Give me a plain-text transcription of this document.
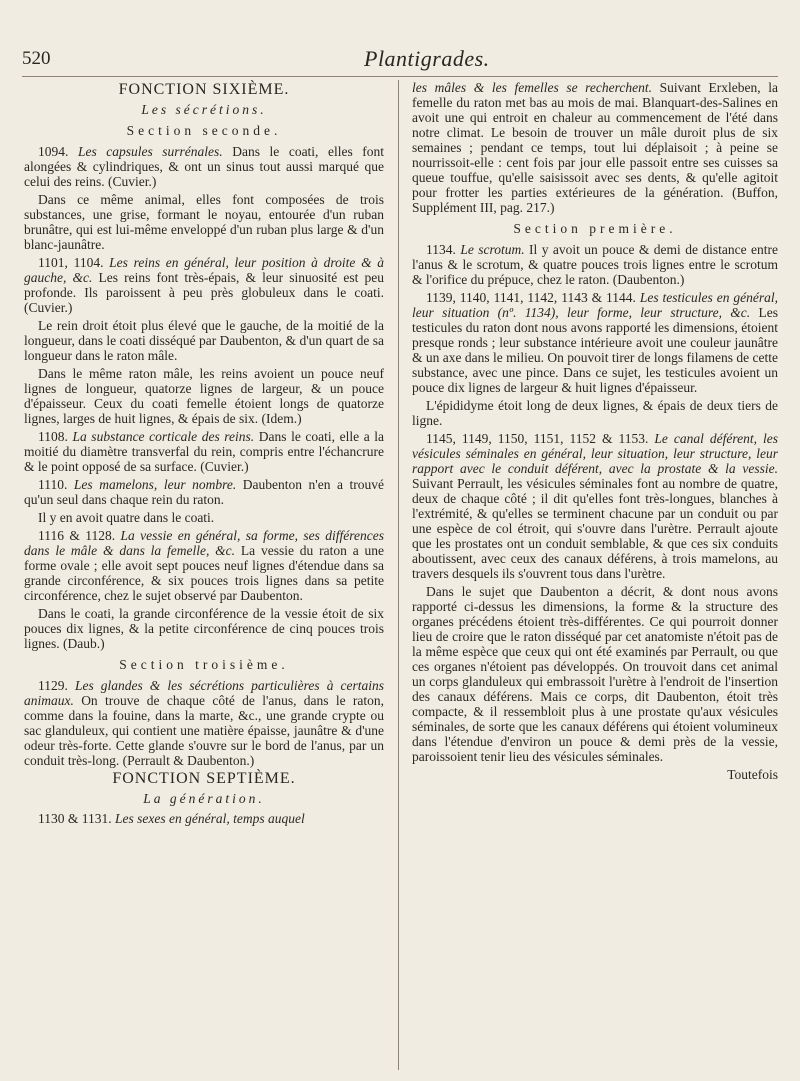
520	Plantigrades.

FONCTION SIXIÈME.

Les sécrétions.

Section seconde.

1094. Les capsules surrénales. Dans le coati, elles font alongées & cylindriques, & ont un sinus tout aussi marqué que celui des reins. (Cuvier.)

Dans ce même animal, elles font composées de trois substances, une grise, formant le noyau, entourée d'un ruban brunâtre, qui est lui-même enveloppé d'un ruban plus large & d'un blanc-jaunâtre.

1101, 1104. Les reins en général, leur position à droite & à gauche, &c. Les reins font très-épais, & leur sinuosité est peu profonde. Ils paroissent à peu près globuleux dans le coati. (Cuvier.)

Le rein droit étoit plus élevé que le gauche, de la moitié de la longueur, dans le coati disséqué par Daubenton, & d'un quart de sa longueur dans le raton mâle.

Dans le même raton mâle, les reins avoient un pouce neuf lignes de longueur, quatorze lignes de largeur, & un pouce d'épaisseur. Ceux du coati femelle étoient longs de quatorze lignes, larges de huit lignes, & épais de six. (Idem.)

1108. La substance corticale des reins. Dans le coati, elle a la moitié du diamètre transverfal du rein, compris entre l'échancrure & le point opposé de sa surface. (Cuvier.)

1110. Les mamelons, leur nombre. Daubenton n'en a trouvé qu'un seul dans chaque rein du raton.

Il y en avoit quatre dans le coati.

1116 & 1128. La vessie en général, sa forme, ses différences dans le mâle & dans la femelle, &c. La vessie du raton a une forme ovale ; elle avoit sept pouces neuf lignes d'étendue dans sa grande circonférence, & six pouces trois lignes dans sa petite circonférence, chez le sujet observé par Daubenton.

Dans le coati, la grande circonférence de la vessie étoit de six pouces dix lignes, & la petite circonférence de cinq pouces trois lignes. (Daub.)

Section troisième.

1129. Les glandes & les sécrétions particulières à certains animaux. On trouve de chaque côté de l'anus, dans le raton, comme dans la fouine, dans la marte, &c., une grande crypte ou sac glanduleux, qui contient une matière épaisse, jaunâtre & d'une odeur très-forte. Cette glande s'ouvre sur le bord de l'anus, par un conduit très-long. (Perrault & Daubenton.)

FONCTION SEPTIÈME.

La génération.

1130 & 1131. Les sexes en général, temps auquel

les mâles & les femelles se recherchent. Suivant Erxleben, la femelle du raton met bas au mois de mai. Blanquart-des-Salines en avoit une qui entroit en chaleur au commencement de l'été dans notre climat. Le besoin de trouver un mâle duroit plus de six semaines ; pendant ce temps, tout lui déplaisoit ; à peine se nourrissoit-elle : cent fois par jour elle passoit entre ses cuisses sa queue touffue, qu'elle saisissoit avec ses dents, & qu'elle agitoit pour frotter les parties extérieures de la génération. (Buffon, Supplément III, pag. 217.)

Section première.

1134. Le scrotum. Il y avoit un pouce & demi de distance entre l'anus & le scrotum, & quatre pouces trois lignes entre le scrotum & l'orifice du prépuce, chez le raton. (Daubenton.)

1139, 1140, 1141, 1142, 1143 & 1144. Les testicules en général, leur situation (nº. 1134), leur forme, leur structure, &c. Les testicules du raton dont nous avons rapporté les dimensions, étoient presque ronds ; leur substance intérieure avoit une couleur jaunâtre & un axe dans le milieu. On pouvoit tirer de longs filamens de cette substance, avec une pince. Dans ce sujet, les testicules avoient un pouce dix lignes de largeur & huit lignes d'épaisseur.

L'épididyme étoit long de deux lignes, & épais de deux tiers de ligne.

1145, 1149, 1150, 1151, 1152 & 1153. Le canal déférent, les vésicules séminales en général, leur situation, leur structure, leur rapport avec le conduit déférent, avec la prostate & la vessie. Suivant Perrault, les vésicules séminales font au nombre de quatre, deux de chaque côté ; il dit qu'elles font très-longues, blanches à l'extrémité, & qu'elles se terminent chacune par un conduit ou par une espèce de col étroit, qui s'ouvre dans l'urètre. Perrault ajoute que les prostates ont un conduit semblable, & que ces six conduits aboutissent, avec ceux des canaux déférens, à trois mamelons, au travers desquels ils s'ouvrent tous dans l'urètre.

Dans le sujet que Daubenton a décrit, & dont nous avons rapporté ci-dessus les dimensions, la forme & la structure des organes précédens étoient très-différentes. Ce qui pourroit donner lieu de croire que le raton disséqué par cet anatomiste n'étoit pas de la même espèce que ceux qui ont été examinés par Perrault, ou que ces organes n'étoient pas développés. On trouvoit dans cet animal un corps glanduleux qui embrassoit l'urètre à l'endroit de l'insertion des canaux déférens. Mais ce corps, dit Daubenton, étoit très compacte, & il ressembloit plus à une prostate qu'aux vésicules séminales, de sorte que les canaux déférens qui étoient volumineux dans l'étendue d'environ un pouce & demi près de la vessie, paroissoient tenir lieu des vésicules séminales.

Toutefois
